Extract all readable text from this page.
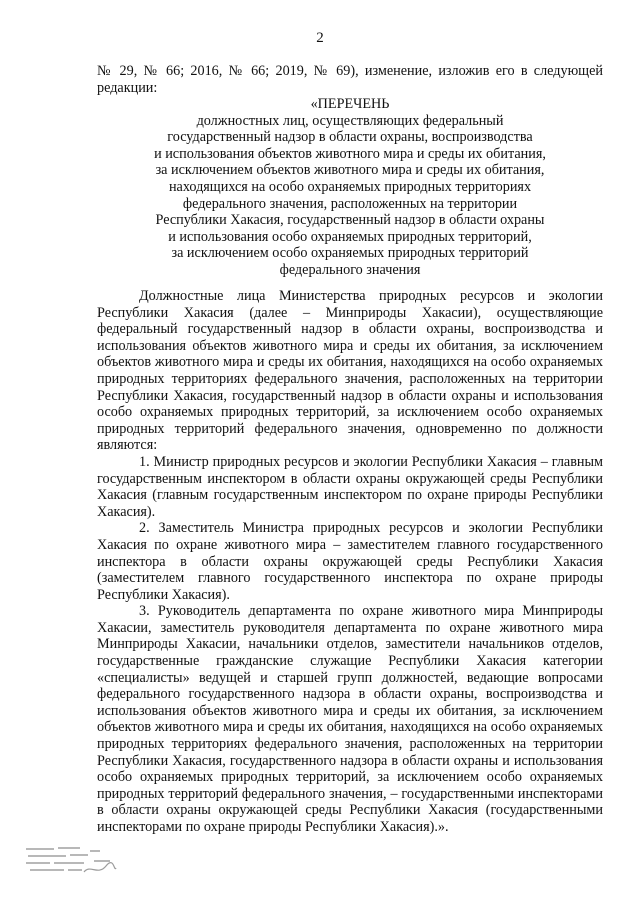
2
№ 29, № 66; 2016, № 66; 2019, № 69), изменение, изложив его в следующей редакции:
«ПЕРЕЧЕНЬ
должностных лиц, осуществляющих федеральный
государственный надзор в области охраны, воспроизводства
и использования объектов животного мира и среды их обитания,
за исключением объектов животного мира и среды их обитания,
находящихся на особо охраняемых природных территориях
федерального значения, расположенных на территории
Республики Хакасия, государственный надзор в области охраны
и использования особо охраняемых природных территорий,
за исключением особо охраняемых природных территорий
федерального значения
Должностные лица Министерства природных ресурсов и экологии Республики Хакасия (далее – Минприроды Хакасии), осуществляющие федеральный государственный надзор в области охраны, воспроизводства и использования объектов животного мира и среды их обитания, за исключением объектов животного мира и среды их обитания, находящихся на особо охраняемых природных территориях федерального значения, расположенных на территории Республики Хакасия, государственный надзор в области охраны и использования особо охраняемых природных территорий, за исключением особо охраняемых природных территорий федерального значения, одновременно по должности являются:
1. Министр природных ресурсов и экологии Республики Хакасия – главным государственным инспектором в области охраны окружающей среды Республики Хакасия (главным государственным инспектором по охране природы Республики Хакасия).
2. Заместитель Министра природных ресурсов и экологии Республики Хакасия по охране животного мира – заместителем главного государственного инспектора в области охраны окружающей среды Республики Хакасия (заместителем главного государственного инспектора по охране природы Республики Хакасия).
3. Руководитель департамента по охране животного мира Минприроды Хакасии, заместитель руководителя департамента по охране животного мира Минприроды Хакасии, начальники отделов, заместители начальников отделов, государственные гражданские служащие Республики Хакасия категории «специалисты» ведущей и старшей групп должностей, ведающие вопросами федерального государственного надзора в области охраны, воспроизводства и использования объектов животного мира и среды их обитания, за исключением объектов животного мира и среды их обитания, находящихся на особо охраняемых природных территориях федерального значения, расположенных на территории Республики Хакасия, государственного надзора в области охраны и использования особо охраняемых природных территорий, за исключением особо охраняемых природных территорий федерального значения, – государственными инспекторами в области охраны окружающей среды Республики Хакасия (государственными инспекторами по охране природы Республики Хакасия).».
